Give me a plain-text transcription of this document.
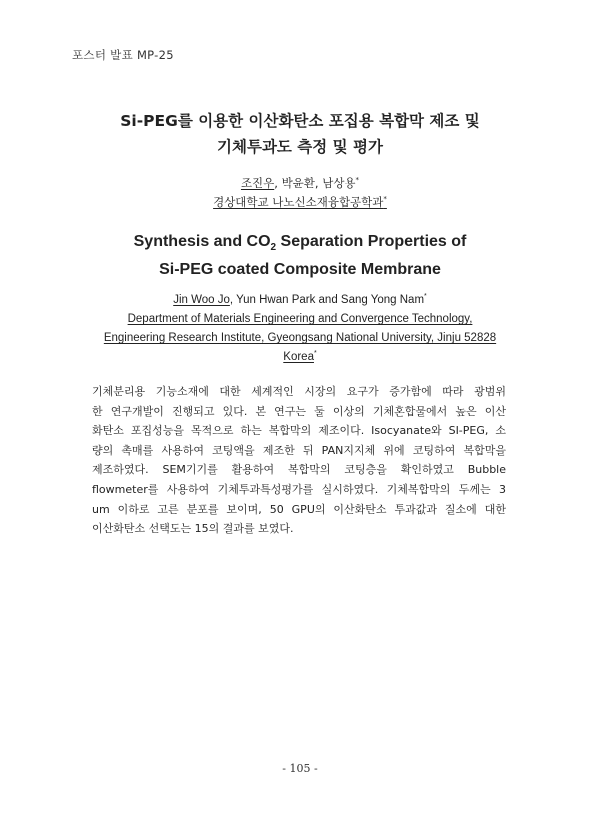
포스터 발표 MP-25
Si-PEG를 이용한 이산화탄소 포집용 복합막 제조 및
기체투과도 측정 및 평가
조진우, 박윤환, 남상용*
경상대학교 나노신소재융합공학과*
Synthesis and $CO_2$ Separation Properties of
Si-PEG coated Composite Membrane
Jin Woo Jo, Yun Hwan Park and Sang Yong Nam*
Department of Materials Engineering and Convergence Technology,
Engineering Research Institute, Gyeongsang National University, Jinju 52828
Korea*
기체분리용 기능소재에 대한 세계적인 시장의 요구가 증가함에 따라 광범위
한 연구개발이 진행되고 있다. 본 연구는 둘 이상의 기체혼합물에서 높은 이산
화탄소 포집성능을 목적으로 하는 복합막의 제조이다. Isocyanate와 SI-PEG, 소
량의 촉매를 사용하여 코팅액을 제조한 뒤 PAN지지체 위에 코팅하여 복합막을
제조하였다. SEM기기를 활용하여 복합막의 코팅층을 확인하였고 Bubble
flowmeter를 사용하여 기체투과특성평가를 실시하였다. 기체복합막의 두께는 3
um 이하로 고른 분포를 보이며, 50 GPU의 이산화탄소 투과값과 질소에 대한
이산화탄소 선택도는 15의 결과를 보였다.
- 105 -
